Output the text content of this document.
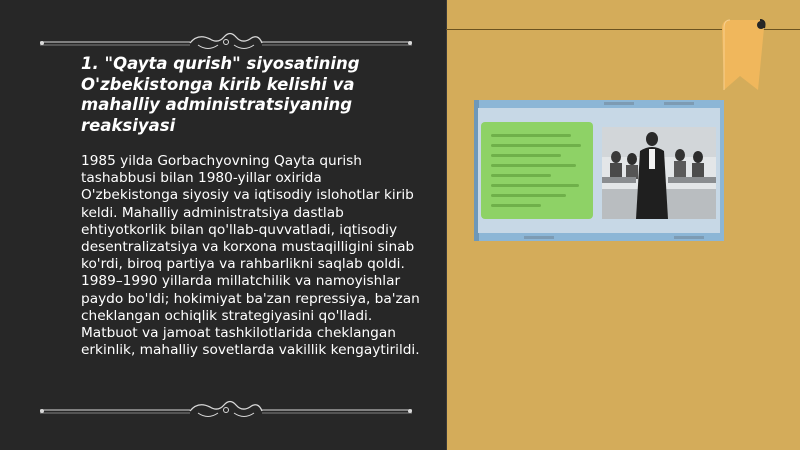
1. "Qayta qurish" siyosatining O'zbekistonga kirib kelishi va mahalliy administratsiyaning reaksiyasi

1985 yilda Gorbachyovning Qayta qurish tashabbusi bilan 1980-yillar oxirida O'zbekistonga siyosiy va iqtisodiy islohotlar kirib keldi. Mahalliy administratsiya dastlab ehtiyotkorlik bilan qo'llab-quvvatladi, iqtisodiy desentralizatsiya va korxona mustaqilligini sinab ko'rdi, biroq partiya va rahbarlikni saqlab qoldi. 1989–1990 yillarda millatchilik va namoyishlar paydo bo'ldi; hokimiyat ba'zan repressiya, ba'zan cheklangan ochiqlik strategiyasini qo'lladi. Matbuot va jamoat tashkilotlarida cheklangan erkinlik, mahalliy sovetlarda vakillik kengaytirildi.
